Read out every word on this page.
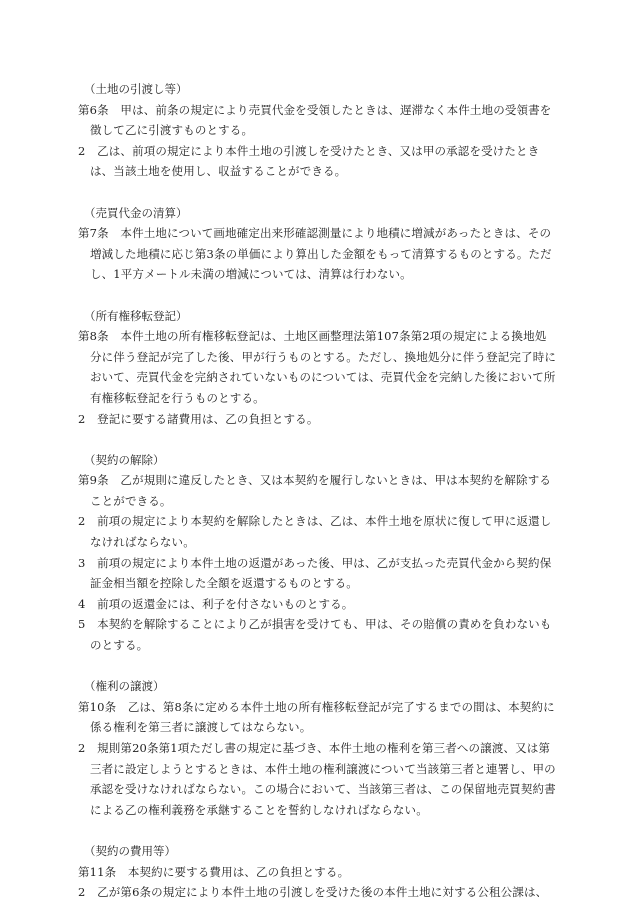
（土地の引渡し等）
第6条　甲は、前条の規定により売買代金を受領したときは、遅滞なく本件土地の受領書を徴して乙に引渡すものとする。
2　乙は、前項の規定により本件土地の引渡しを受けたとき、又は甲の承認を受けたときは、当該土地を使用し、収益することができる。
（売買代金の清算）
第7条　本件土地について画地確定出来形確認測量により地積に増減があったときは、その増減した地積に応じ第3条の単価により算出した金額をもって清算するものとする。ただし、1平方メートル未満の増減については、清算は行わない。
（所有権移転登記）
第8条　本件土地の所有権移転登記は、土地区画整理法第107条第2項の規定による換地処分に伴う登記が完了した後、甲が行うものとする。ただし、換地処分に伴う登記完了時において、売買代金を完納されていないものについては、売買代金を完納した後において所有権移転登記を行うものとする。
2　登記に要する諸費用は、乙の負担とする。
（契約の解除）
第9条　乙が規則に違反したとき、又は本契約を履行しないときは、甲は本契約を解除することができる。
2　前項の規定により本契約を解除したときは、乙は、本件土地を原状に復して甲に返還しなければならない。
3　前項の規定により本件土地の返還があった後、甲は、乙が支払った売買代金から契約保証金相当額を控除した全額を返還するものとする。
4　前項の返還金には、利子を付さないものとする。
5　本契約を解除することにより乙が損害を受けても、甲は、その賠償の責めを負わないものとする。
（権利の譲渡）
第10条　乙は、第8条に定める本件土地の所有権移転登記が完了するまでの間は、本契約に係る権利を第三者に譲渡してはならない。
2　規則第20条第1項ただし書の規定に基づき、本件土地の権利を第三者への譲渡、又は第三者に設定しようとするときは、本件土地の権利譲渡について当該第三者と連署し、甲の承認を受けなければならない。この場合において、当該第三者は、この保留地売買契約書による乙の権利義務を承継することを誓約しなければならない。
（契約の費用等）
第11条　本契約に要する費用は、乙の負担とする。
2　乙が第6条の規定により本件土地の引渡しを受けた後の本件土地に対する公租公課は、
